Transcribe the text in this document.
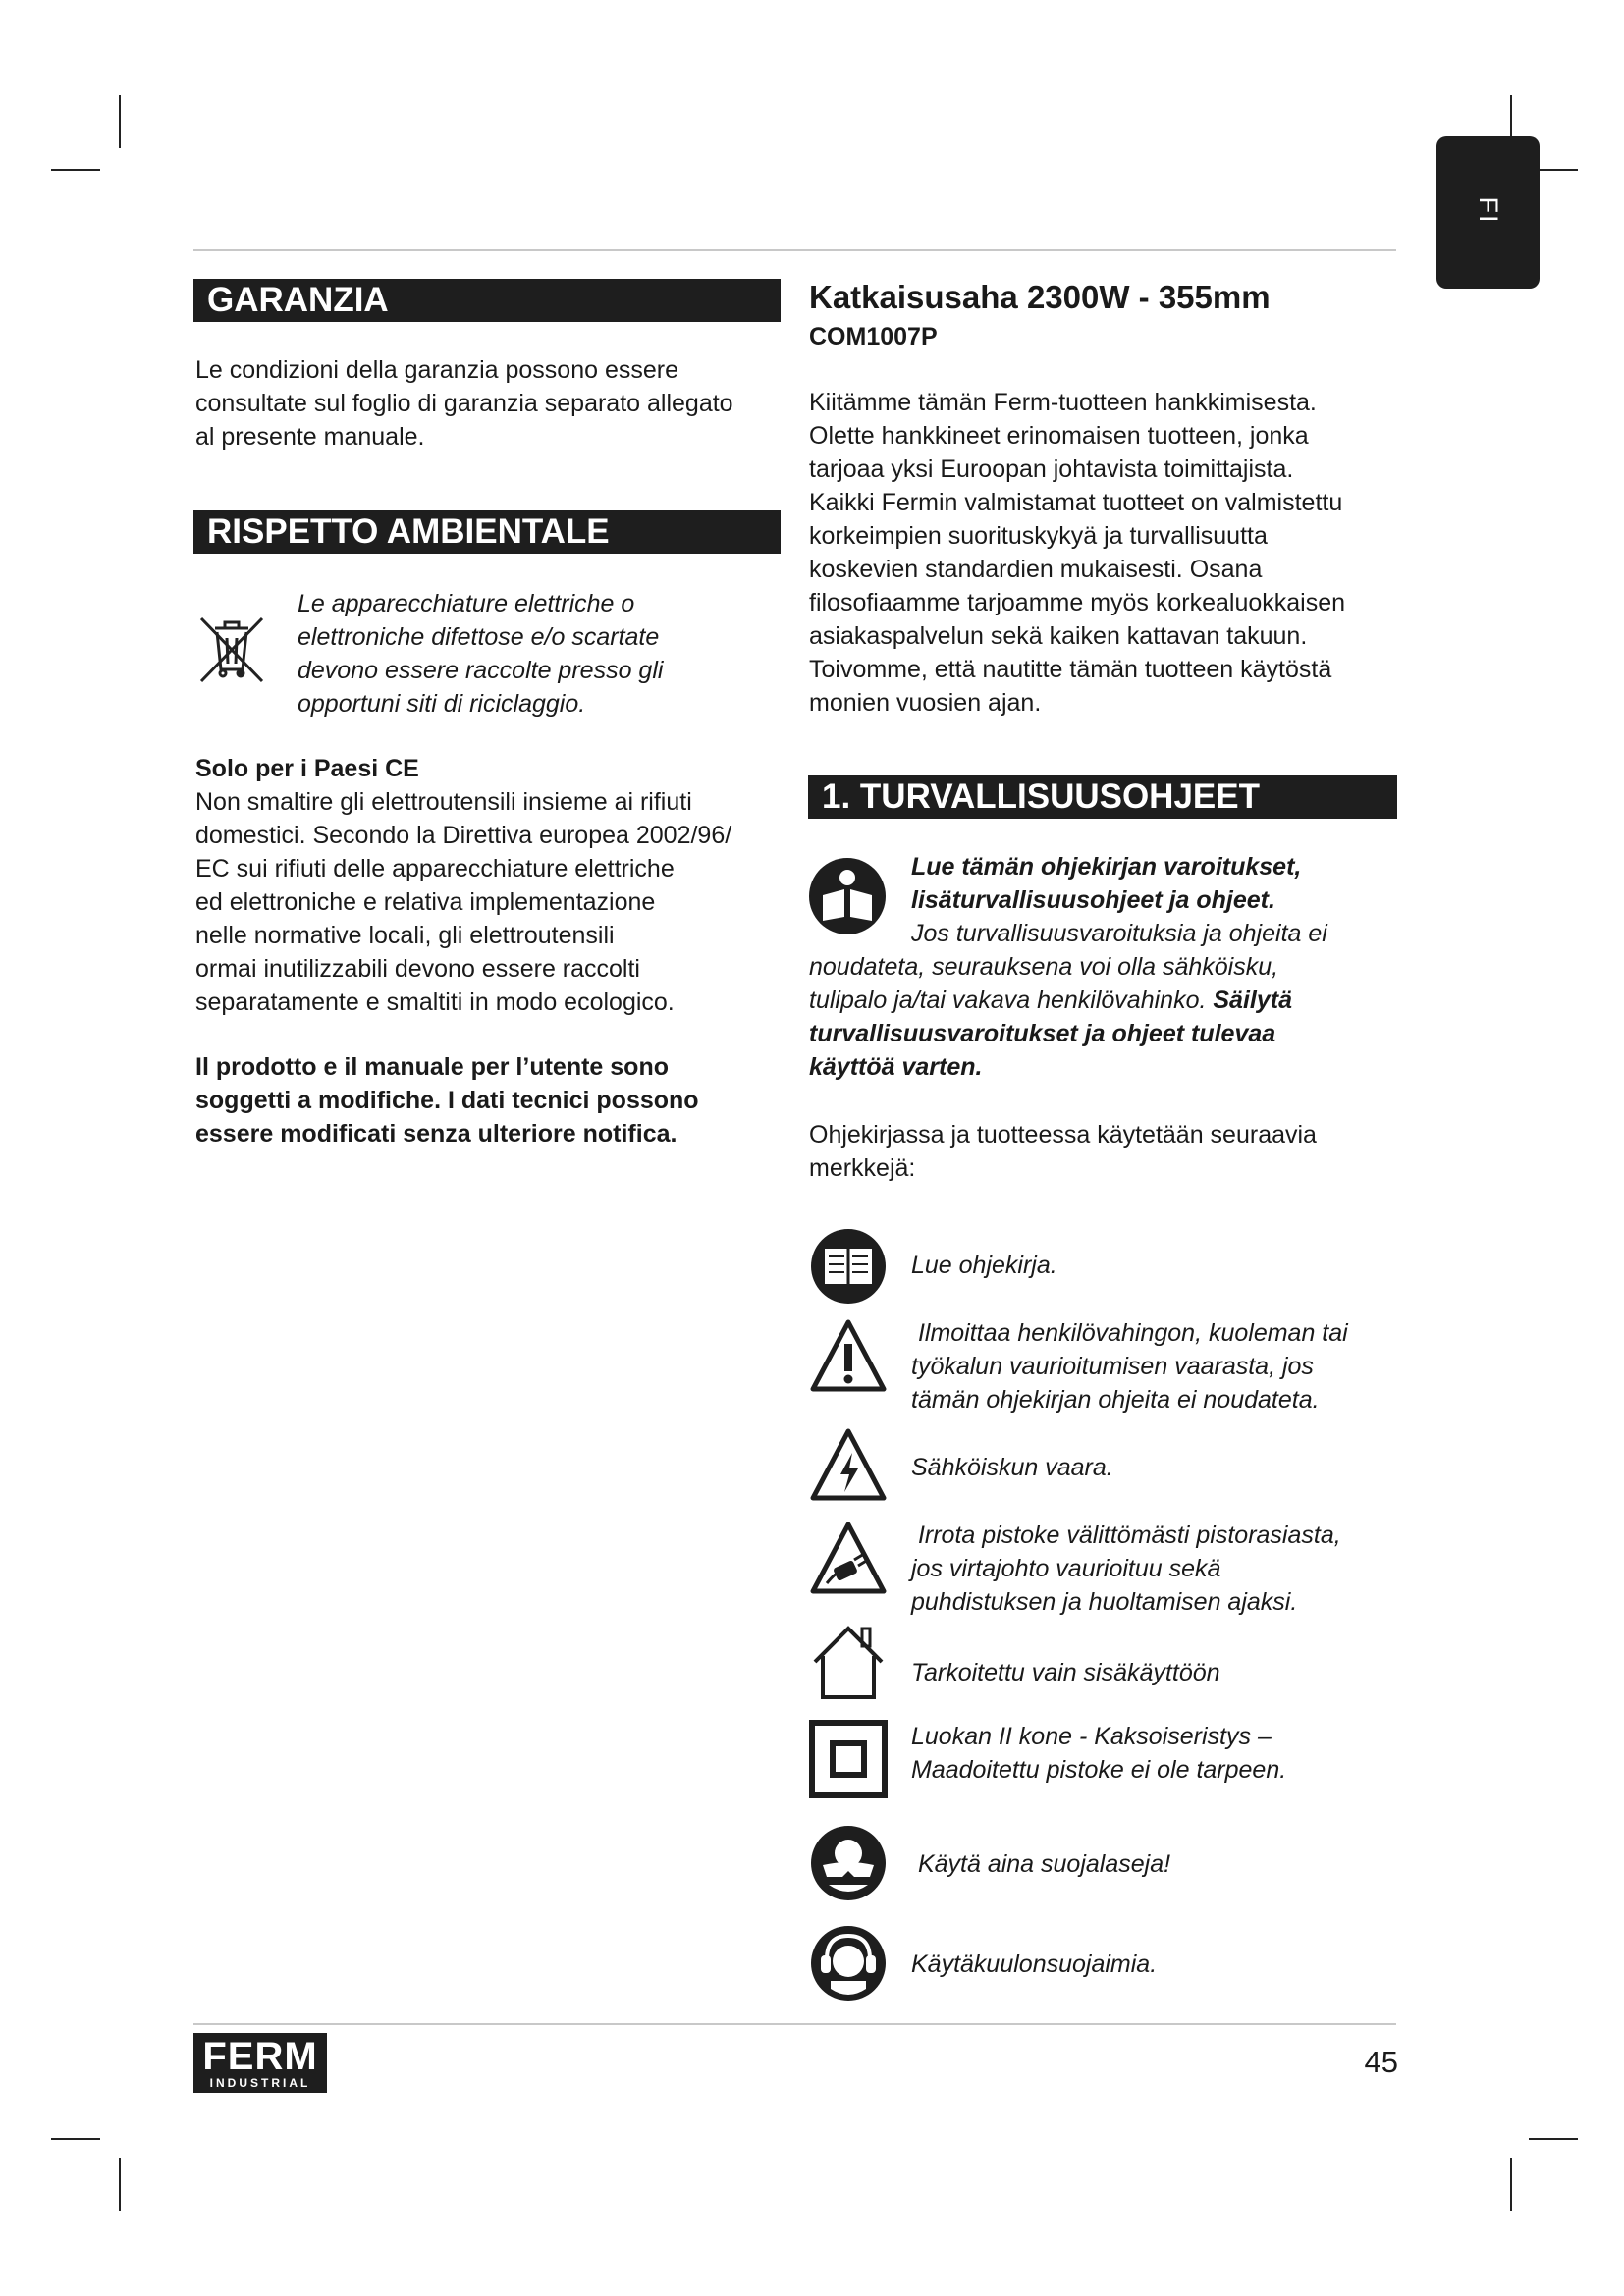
FI
GARANZIA

Le condizioni della garanzia possono essere

consultate sul foglio di garanzia separato allegato

al presente manuale.

RISPETTO AMBIENTALE

Le apparecchiature elettriche o

elettroniche difettose e/o scartate

devono essere raccolte presso gli

opportuni siti di riciclaggio.

Solo per i Paesi CE

Non smaltire gli elettroutensili insieme ai rifiuti

domestici. Secondo la Direttiva europea 2002/96/

EC sui rifiuti delle apparecchiature elettriche

ed elettroniche e relativa implementazione

nelle normative locali, gli elettroutensili

ormai inutilizzabili devono essere raccolti

separatamente e smaltiti in modo ecologico.

Il prodotto e il manuale per l’utente sono

soggetti a modifiche. I dati tecnici possono

essere modificati senza ulteriore notifica.

Katkaisusaha 2300W - 355mm
COM1007P

Kiitämme tämän Ferm-tuotteen hankkimisesta.

Olette hankkineet erinomaisen tuotteen, jonka

tarjoaa yksi Euroopan johtavista toimittajista.

Kaikki Fermin valmistamat tuotteet on valmistettu

korkeimpien suorituskykyä ja turvallisuutta

koskevien standardien mukaisesti. Osana

filosofiaamme tarjoamme myös korkealuokkaisen

asiakaspalvelun sekä kaiken kattavan takuun.

Toivomme, että nautitte tämän tuotteen käytöstä

monien vuosien ajan.

1. TURVALLISUUSOHJEET

Lue tämän ohjekirjan varoitukset,

lisäturvallisuusohjeet ja ohjeet.

Jos turvallisuusvaroituksia ja ohjeita ei

noudateta, seurauksena voi olla sähköisku,

tulipalo ja/tai vakava henkilövahinko. Säilytä

turvallisuusvaroitukset ja ohjeet tulevaa

käyttöä varten.

Ohjekirjassa ja tuotteessa käytetään seuraavia

merkkejä:

Lue ohjekirja.
Ilmoittaa henkilövahingon, kuoleman tai
työkalun vaurioitumisen vaarasta, jos
tämän ohjekirjan ohjeita ei noudateta.
Sähköiskun vaara.
Irrota pistoke välittömästi pistorasiasta,
jos virtajohto vaurioituu sekä
puhdistuksen ja huoltamisen ajaksi.
Tarkoitettu vain sisäkäyttöön
Luokan II kone - Kaksoiseristys –
Maadoitettu pistoke ei ole tarpeen.
Käytä aina suojalaseja!
Käytäkuulonsuojaimia.
FERM
INDUSTRIAL
45
